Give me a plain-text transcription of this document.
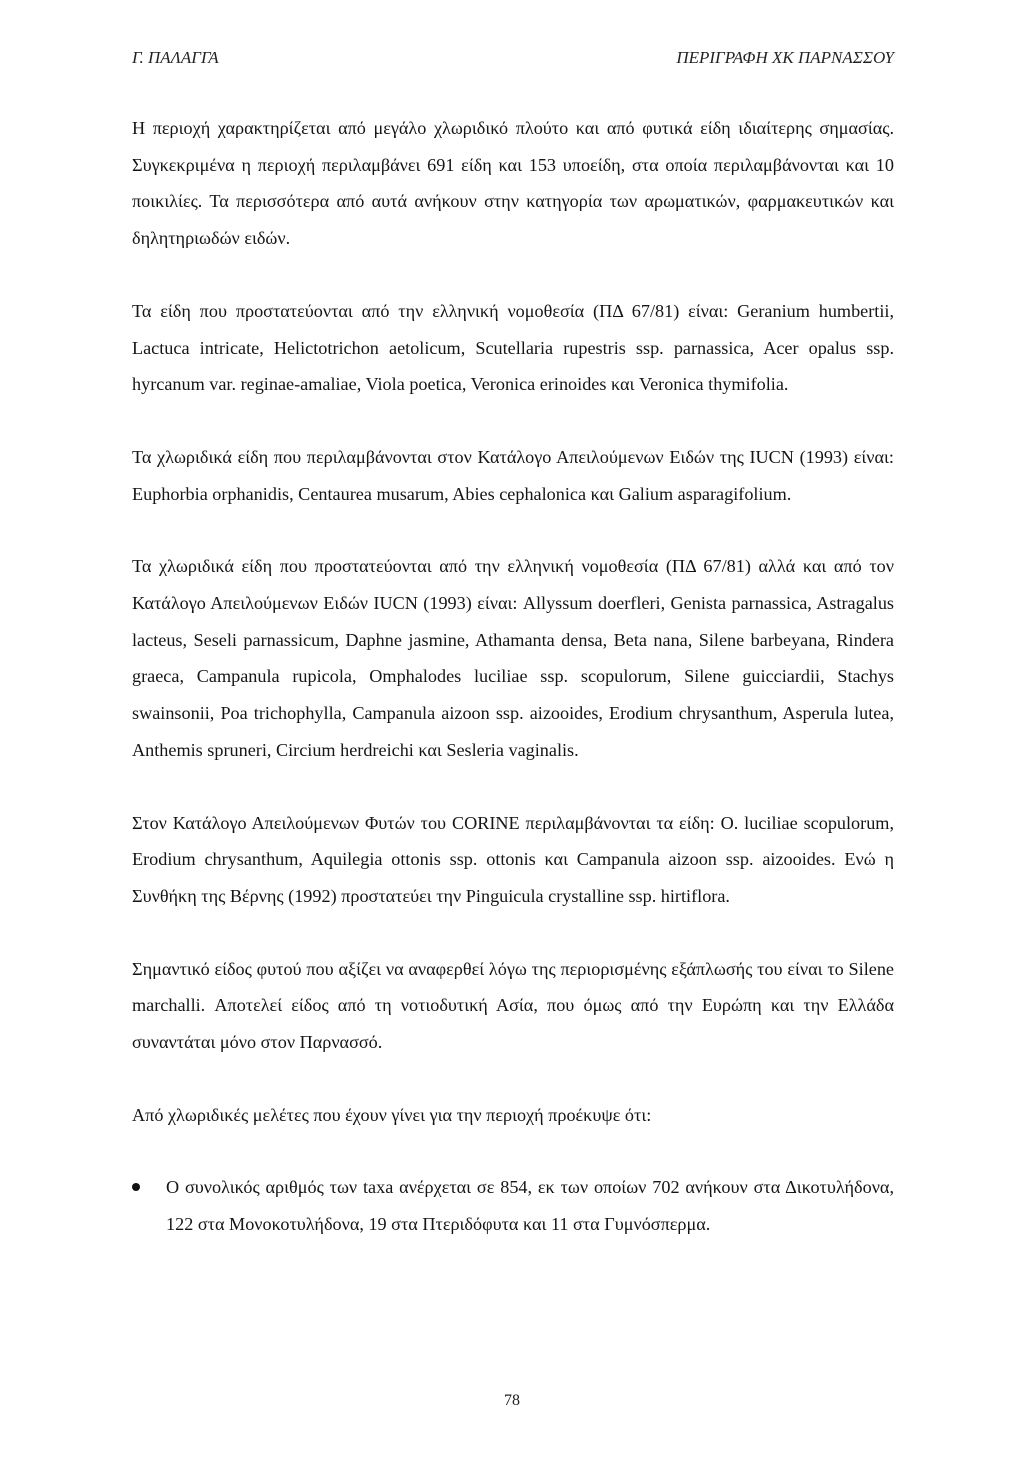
Γ. ΠΑΛΑΓΓΑ	ΠΕΡΙΓΡΑΦΗ ΧΚ ΠΑΡΝΑΣΣΟΥ

Η περιοχή χαρακτηρίζεται από μεγάλο χλωριδικό πλούτο και από φυτικά είδη ιδιαίτερης σημασίας. Συγκεκριμένα η περιοχή περιλαμβάνει 691 είδη και 153 υποείδη, στα οποία περιλαμβάνονται και 10 ποικιλίες. Τα περισσότερα από αυτά ανήκουν στην κατηγορία των αρωματικών, φαρμακευτικών και δηλητηριωδών ειδών.

Τα είδη που προστατεύονται από την ελληνική νομοθεσία (ΠΔ 67/81) είναι: Geranium humbertii, Lactuca intricate, Helictotrichon aetolicum, Scutellaria rupestris ssp. parnassica, Acer opalus ssp. hyrcanum var. reginae-amaliae, Viola poetica, Veronica erinoides και Veronica thymifolia.

Τα χλωριδικά είδη που περιλαμβάνονται στον Κατάλογο Απειλούμενων Ειδών της IUCN (1993) είναι: Euphorbia orphanidis, Centaurea musarum, Abies cephalonica και Galium asparagifolium.

Τα χλωριδικά είδη που προστατεύονται από την ελληνική νομοθεσία (ΠΔ 67/81) αλλά και από τον Κατάλογο Απειλούμενων Ειδών IUCN (1993) είναι: Allyssum doerfleri, Genista parnassica, Astragalus lacteus, Seseli parnassicum, Daphne jasmine, Athamanta densa, Beta nana, Silene barbeyana, Rindera graeca, Campanula rupicola, Omphalodes luciliae ssp. scopulorum, Silene guicciardii, Stachys swainsonii, Poa trichophylla, Campanula aizoon ssp. aizooides, Erodium chrysanthum, Asperula lutea, Anthemis spruneri, Circium herdreichi και Sesleria vaginalis.

Στον Κατάλογο Απειλούμενων Φυτών του CORINE περιλαμβάνονται τα είδη: O. luciliae scopulorum, Erodium chrysanthum, Aquilegia ottonis ssp. ottonis και Campanula aizoon ssp. aizooides. Ενώ η Συνθήκη της Βέρνης (1992) προστατεύει την Pinguicula crystalline ssp. hirtiflora.

Σημαντικό είδος φυτού που αξίζει να αναφερθεί λόγω της περιορισμένης εξάπλωσής του είναι το Silene marchalli. Αποτελεί είδος από τη νοτιοδυτική Ασία, που όμως από την Ευρώπη και την Ελλάδα συναντάται μόνο στον Παρνασσό.

Από χλωριδικές μελέτες που έχουν γίνει για την περιοχή προέκυψε ότι:

Ο συνολικός αριθμός των taxa ανέρχεται σε 854, εκ των οποίων 702 ανήκουν στα Δικοτυλήδονα, 122 στα Μονοκοτυλήδονα, 19 στα Πτεριδόφυτα και 11 στα Γυμνόσπερμα.
78
